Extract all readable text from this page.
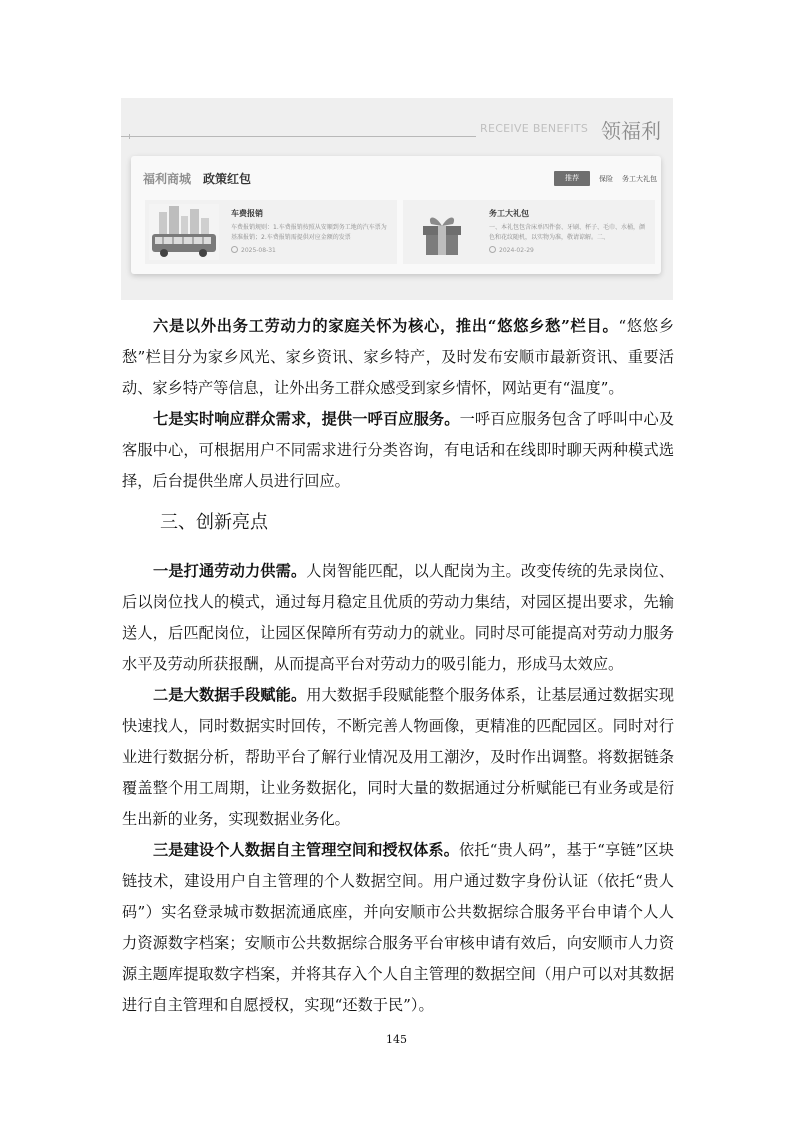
RECEIVE BENEFITS 领福利
福利商城 政策红包	推荐	保险 务工大礼包
车费报销
车费报销规则：1.车费报销按照从安顺到务工地的汽车票为基准报销；2.车费报销需提供对应金额的发票
2025-08-31
务工大礼包
一、本礼包包含床单四件套、牙刷、杯子、毛巾、水桶，颜色和花纹随机，以实物为准，敬请谅解。二、
2024-02-29

六是以外出务工劳动力的家庭关怀为核心，推出“悠悠乡愁”栏目。“悠悠乡愁”栏目分为家乡风光、家乡资讯、家乡特产，及时发布安顺市最新资讯、重要活动、家乡特产等信息，让外出务工群众感受到家乡情怀，网站更有“温度”。

七是实时响应群众需求，提供一呼百应服务。一呼百应服务包含了呼叫中心及客服中心，可根据用户不同需求进行分类咨询，有电话和在线即时聊天两种模式选择，后台提供坐席人员进行回应。

三、创新亮点

一是打通劳动力供需。人岗智能匹配，以人配岗为主。改变传统的先录岗位、后以岗位找人的模式，通过每月稳定且优质的劳动力集结，对园区提出要求，先输送人，后匹配岗位，让园区保障所有劳动力的就业。同时尽可能提高对劳动力服务水平及劳动所获报酬，从而提高平台对劳动力的吸引能力，形成马太效应。

二是大数据手段赋能。用大数据手段赋能整个服务体系，让基层通过数据实现快速找人，同时数据实时回传，不断完善人物画像，更精准的匹配园区。同时对行业进行数据分析，帮助平台了解行业情况及用工潮汐，及时作出调整。将数据链条覆盖整个用工周期，让业务数据化，同时大量的数据通过分析赋能已有业务或是衍生出新的业务，实现数据业务化。

三是建设个人数据自主管理空间和授权体系。依托“贵人码”，基于“享链”区块链技术，建设用户自主管理的个人数据空间。用户通过数字身份认证（依托“贵人码”）实名登录城市数据流通底座，并向安顺市公共数据综合服务平台申请个人人力资源数字档案；安顺市公共数据综合服务平台审核申请有效后，向安顺市人力资源主题库提取数字档案，并将其存入个人自主管理的数据空间（用户可以对其数据进行自主管理和自愿授权，实现“还数于民”）。

145
